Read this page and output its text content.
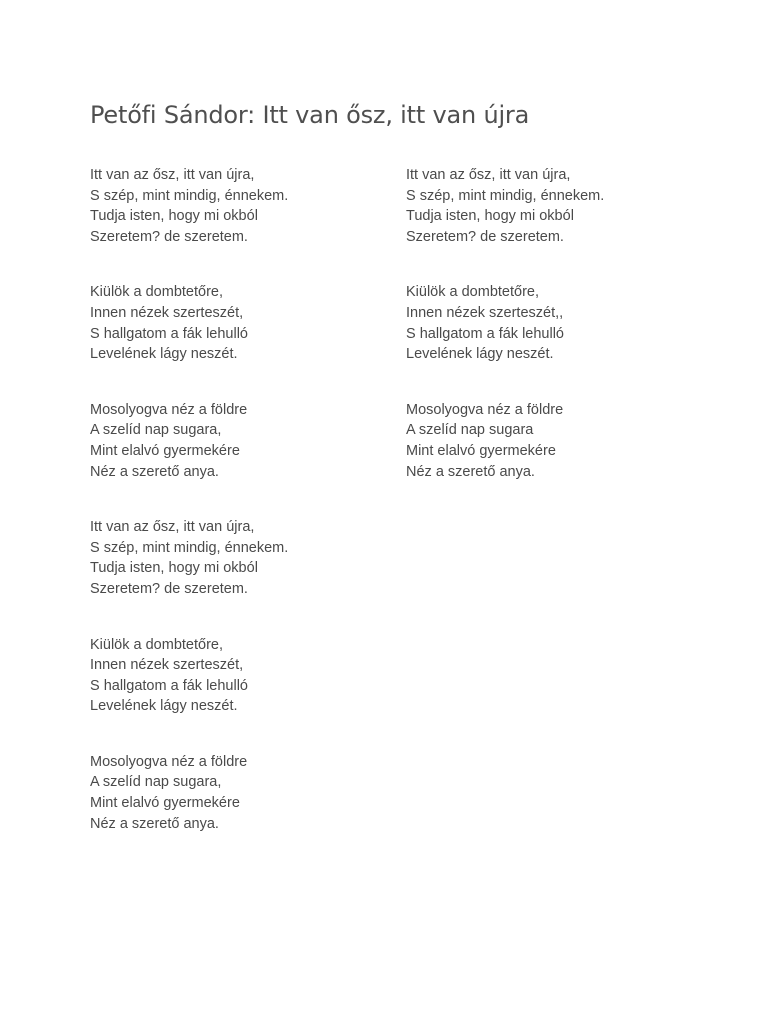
Petőfi Sándor: Itt van ősz, itt van újra
Itt van az ősz, itt van újra,
S szép, mint mindig, énnekem.
Tudja isten, hogy mi okból
Szeretem? de szeretem.
Kiülök a dombtetőre,
Innen nézek szerteszét,
S hallgatom a fák lehulló
Levelének lágy neszét.
Mosolyogva néz a földre
A szelíd nap sugara,
Mint elalvó gyermekére
Néz a szerető anya.
Itt van az ősz, itt van újra,
S szép, mint mindig, énnekem.
Tudja isten, hogy mi okból
Szeretem? de szeretem.
Kiülök a dombtetőre,
Innen nézek szerteszét,
S hallgatom a fák lehulló
Levelének lágy neszét.
Mosolyogva néz a földre
A szelíd nap sugara,
Mint elalvó gyermekére
Néz a szerető anya.
Itt van az ősz, itt van újra,
S szép, mint mindig, énnekem.
Tudja isten, hogy mi okból
Szeretem? de szeretem.
Kiülök a dombtetőre,
Innen nézek szerteszét,,
S hallgatom a fák lehulló
Levelének lágy neszét.
Mosolyogva néz a földre
A szelíd nap sugara
Mint elalvó gyermekére
Néz a szerető anya.
